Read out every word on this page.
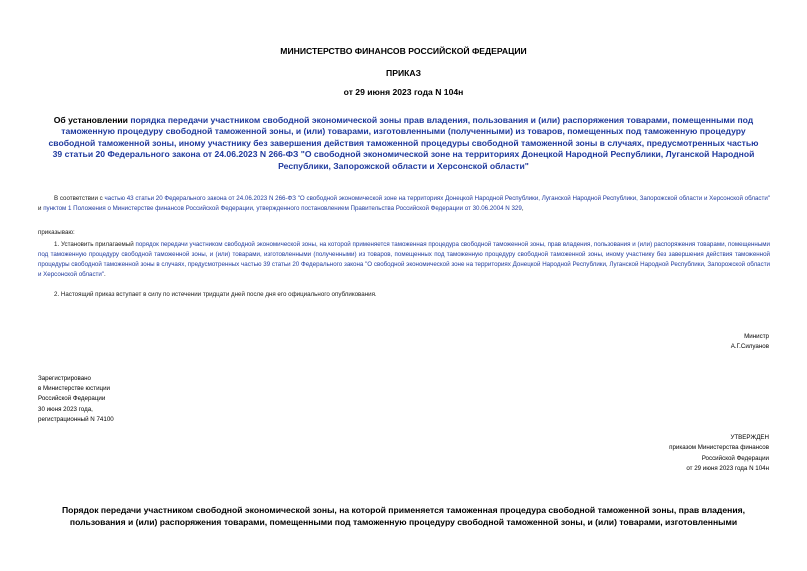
МИНИСТЕРСТВО ФИНАНСОВ РОССИЙСКОЙ ФЕДЕРАЦИИ
ПРИКАЗ
от 29 июня 2023 года N 104н
Об установлении порядка передачи участником свободной экономической зоны прав владения, пользования и (или) распоряжения товарами, помещенными под таможенную процедуру свободной таможенной зоны, и (или) товарами, изготовленными (полученными) из товаров, помещенных под таможенную процедуру свободной таможенной зоны, иному участнику без завершения действия таможенной процедуры свободной таможенной зоны в случаях, предусмотренных частью 39 статьи 20 Федерального закона от 24.06.2023 N 266-ФЗ "О свободной экономической зоне на территориях Донецкой Народной Республики, Луганской Народной Республики, Запорожской области и Херсонской области"
В соответствии с частью 43 статьи 20 Федерального закона от 24.06.2023 N 266-ФЗ "О свободной экономической зоне на территориях Донецкой Народной Республики, Луганской Народной Республики, Запорожской области и Херсонской области" и пунктом 1 Положения о Министерстве финансов Российской Федерации, утвержденного постановлением Правительства Российской Федерации от 30.06.2004 N 329,
приказываю:
1. Установить прилагаемый порядок передачи участником свободной экономической зоны, на которой применяется таможенная процедура свободной таможенной зоны, прав владения, пользования и (или) распоряжения товарами, помещенными под таможенную процедуру свободной таможенной зоны, и (или) товарами, изготовленными (полученными) из товаров, помещенных под таможенную процедуру свободной таможенной зоны, иному участнику без завершения действия таможенной процедуры свободной таможенной зоны в случаях, предусмотренных частью 39 статьи 20 Федерального закона "О свободной экономической зоне на территориях Донецкой Народной Республики, Луганской Народной Республики, Запорожской области и Херсонской области".
2. Настоящий приказ вступает в силу по истечении тридцати дней после дня его официального опубликования.
Министр
А.Г.Силуанов
Зарегистрировано
в Министерстве юстиции
Российской Федерации
30 июня 2023 года,
регистрационный N 74100
УТВЕРЖДЕН
приказом Министерства финансов
Российской Федерации
от 29 июня 2023 года N 104н
Порядок передачи участником свободной экономической зоны, на которой применяется таможенная процедура свободной таможенной зоны, прав владения, пользования и (или) распоряжения товарами, помещенными под таможенную процедуру свободной таможенной зоны, и (или) товарами, изготовленными
